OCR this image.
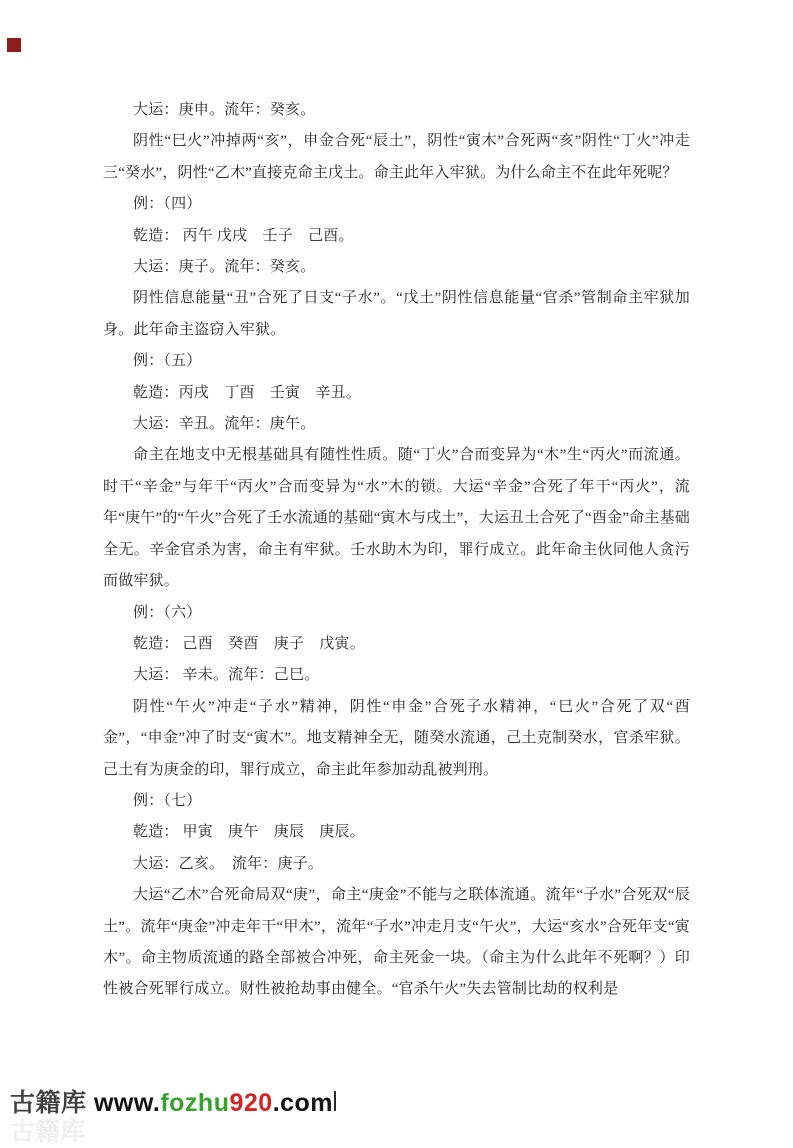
大运：庚申。流年：癸亥。

阴性“巳火”冲掉两“亥”，申金合死“辰土”，阴性“寅木”合死两“亥”阴性“丁火”冲走三“癸水”，阴性“乙木”直接克命主戊土。命主此年入牢狱。为什么命主不在此年死呢？

例：（四）

乾造： 丙午 戊戌　壬子　己酉。

大运：庚子。流年：癸亥。

阴性信息能量“丑”合死了日支“子水”。“戊土”阴性信息能量“官杀”管制命主牢狱加身。此年命主盗窃入牢狱。

例：（五）

乾造：丙戌　丁酉　壬寅　辛丑。

大运：辛丑。流年：庚午。

命主在地支中无根基础具有随性性质。随“丁火”合而变异为“木”生“丙火”而流通。时干“辛金”与年干“丙火”合而变异为“水”木的锁。大运“辛金”合死了年干“丙火”，流年“庚午”的“午火”合死了壬水流通的基础“寅木与戌土”，大运丑土合死了“酉金”命主基础全无。辛金官杀为害，命主有牢狱。壬水助木为印，罪行成立。此年命主伙同他人贪污而做牢狱。

例：（六）

乾造： 己酉　癸酉　庚子　戊寅。

大运： 辛未。流年：己巳。

阴性“午火”冲走“子水”精神，阴性“申金”合死子水精神，“巳火”合死了双“酉金”，“申金”冲了时支“寅木”。地支精神全无，随癸水流通，己土克制癸水，官杀牢狱。己土有为庚金的印，罪行成立，命主此年参加动乱被判刑。

例：（七）

乾造： 甲寅　庚午　庚辰　庚辰。

大运：乙亥。　流年：庚子。

大运“乙木”合死命局双“庚”，命主“庚金”不能与之联体流通。流年“子水”合死双“辰土”。流年“庚金”冲走年干“甲木”，流年“子水”冲走月支“午火”，大运“亥水”合死年支“寅木”。命主物质流通的路全部被合冲死，命主死金一块。（命主为什么此年不死啊？）印性被合死罪行成立。财性被抢劫事由健全。“官杀午火”失去管制比劫的权利是

古籍库 www.fozhu920.com
古籍库
